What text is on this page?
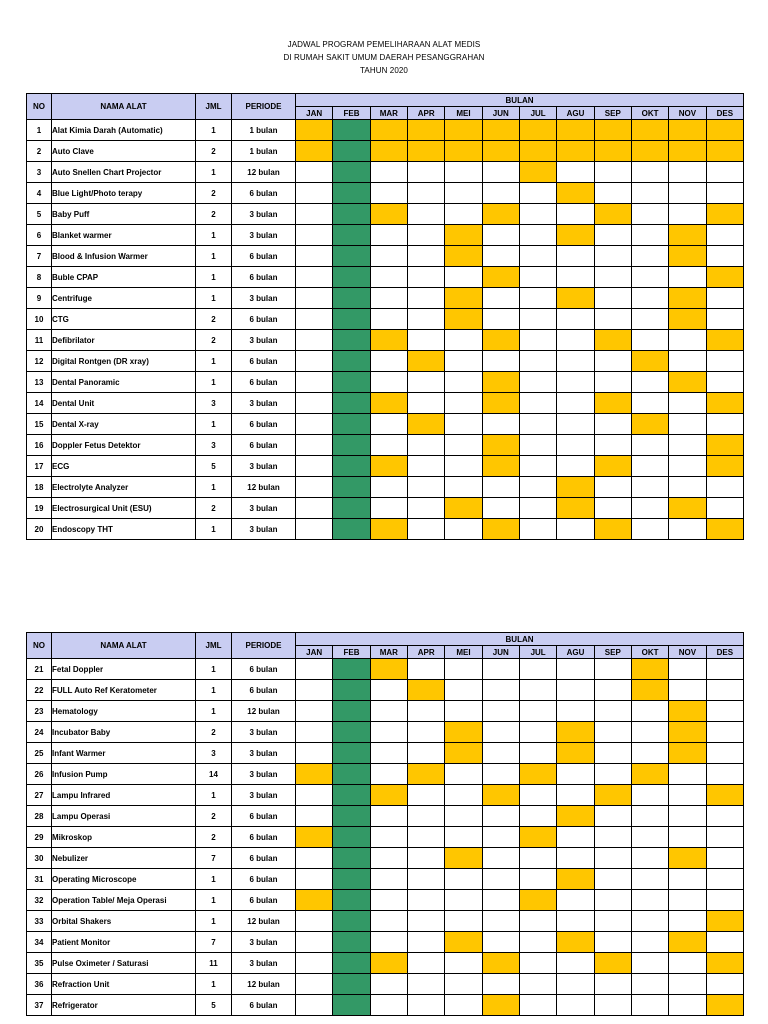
JADWAL PROGRAM PEMELIHARAAN ALAT MEDIS
DI RUMAH SAKIT UMUM DAERAH PESANGGRAHAN
TAHUN 2020
NO	NAMA ALAT	JML	PERIODE	BULAN											
				JAN	FEB	MAR	APR	MEI	JUN	JUL	AGU	SEP	OKT	NOV	DES
1	Alat Kimia Darah (Automatic)	1	1 bulan												
2	Auto Clave	2	1 bulan												
3	Auto Snellen Chart Projector	1	12 bulan												
4	Blue Light/Photo terapy	2	6 bulan												
5	Baby Puff	2	3 bulan												
6	Blanket warmer	1	3 bulan												
7	Blood & Infusion Warmer	1	6 bulan												
8	Buble CPAP	1	6 bulan												
9	Centrifuge	1	3 bulan												
10	CTG	2	6 bulan												
11	Defibrilator	2	3 bulan												
12	Digital Rontgen (DR xray)	1	6 bulan												
13	Dental Panoramic	1	6 bulan												
14	Dental Unit	3	3 bulan												
15	Dental X-ray	1	6 bulan												
16	Doppler Fetus Detektor	3	6 bulan												
17	ECG	5	3 bulan												
18	Electrolyte Analyzer	1	12 bulan												
19	Electrosurgical Unit (ESU)	2	3 bulan												
20	Endoscopy THT	1	3 bulan												
NO	NAMA ALAT	JML	PERIODE	BULAN											
				JAN	FEB	MAR	APR	MEI	JUN	JUL	AGU	SEP	OKT	NOV	DES
21	Fetal Doppler	1	6 bulan												
22	FULL Auto Ref Keratometer	1	6 bulan												
23	Hematology	1	12 bulan												
24	Incubator Baby	2	3 bulan												
25	Infant Warmer	3	3 bulan												
26	Infusion Pump	14	3 bulan												
27	Lampu Infrared	1	3 bulan												
28	Lampu Operasi	2	6 bulan												
29	Mikroskop	2	6 bulan												
30	Nebulizer	7	6 bulan												
31	Operating Microscope	1	6 bulan												
32	Operation Table/ Meja Operasi	1	6 bulan												
33	Orbital Shakers	1	12 bulan												
34	Patient Monitor	7	3 bulan												
35	Pulse Oximeter / Saturasi	11	3 bulan												
36	Refraction Unit	1	12 bulan												
37	Refrigerator	5	6 bulan												
